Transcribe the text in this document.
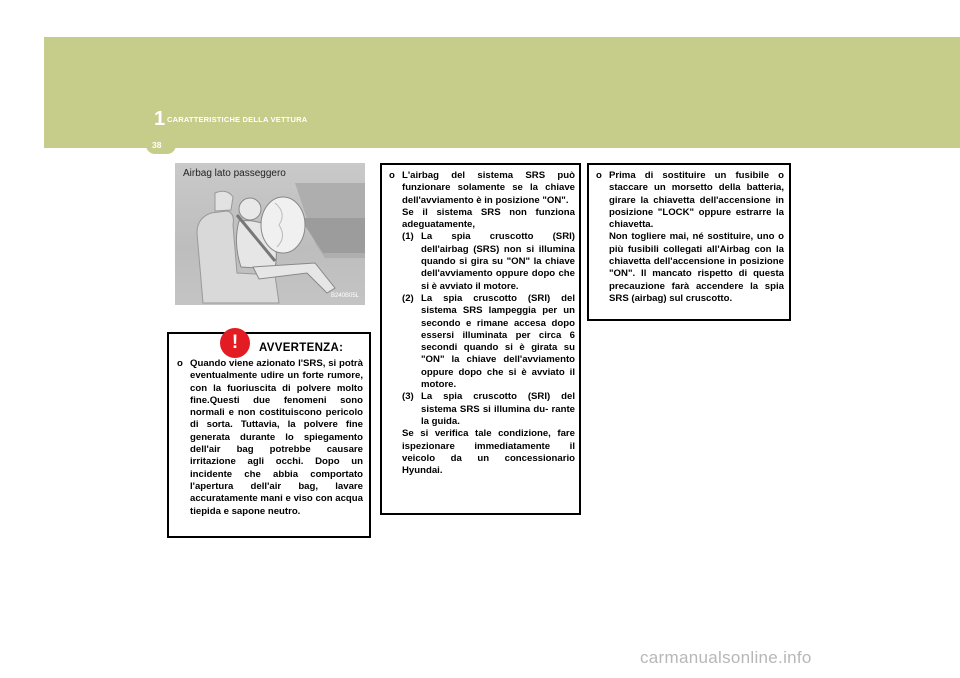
1 CARATTERISTICHE DELLA VETTURA
38
Airbag lato passeggero
B240B05L
!	AVVERTENZA:
o Quando viene azionato l'SRS, si potrà eventualmente udire un forte rumore, con la fuoriuscita di polvere molto fine.Questi due fenomeni sono normali e non costituiscono pericolo di sorta. Tuttavia, la polvere fine generata durante lo spiegamento dell'air bag potrebbe causare irritazione agli occhi. Dopo un incidente che abbia comportato l'apertura dell'air bag, lavare accuratamente mani e viso con acqua tiepida e sapone neutro.
o L'airbag del sistema SRS può funzionare solamente se la chiave dell'avviamento è in posizione "ON".
Se il sistema SRS non funziona adeguatamente,
(1) La spia cruscotto (SRI) dell'airbag (SRS) non si illumina quando si gira su "ON" la chiave dell'avviamento oppure dopo che si è avviato il motore.
(2) La spia cruscotto (SRI) del sistema SRS lampeggia per un secondo e rimane accesa dopo essersi illuminata per circa 6 secondi quando si è girata su "ON" la chiave dell'avviamento oppure dopo che si è avviato il motore.
(3) La spia cruscotto (SRI) del sistema SRS si illumina du- rante la guida.
Se si verifica tale condizione, fare ispezionare immediatamente il veicolo da un concessionario Hyundai.
o Prima di sostituire un fusibile o staccare un morsetto della batteria, girare la chiavetta dell'accensione in posizione "LOCK" oppure estrarre la chiavetta.
Non togliere mai, né sostituire, uno o più fusibili collegati all'Airbag con la chiavetta dell'accensione in posizione "ON". Il mancato rispetto di questa precauzione farà accendere la spia SRS (airbag) sul cruscotto.
carmanualsonline.info
